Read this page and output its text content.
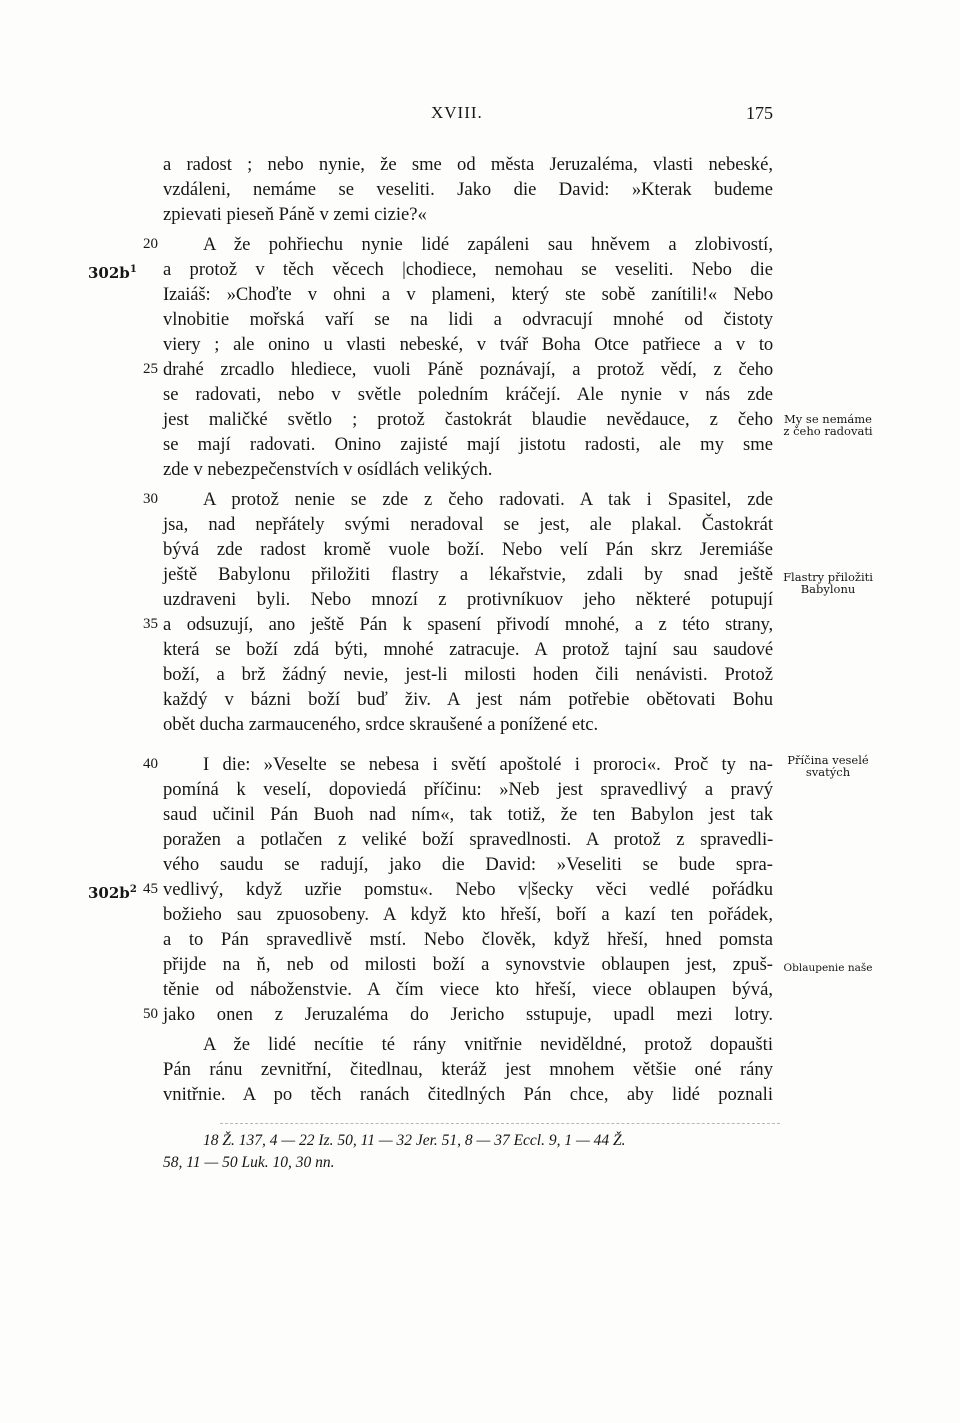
XVIII.	175
a radost ; nebo nynie, že sme od města Jeruzaléma, vlasti nebeské,
vzdáleni, nemáme se veseliti. Jako die David: »Kterak budeme
zpievati pieseň Páně v zemi cizie?«
A že pohřiechu nynie lidé zapáleni sau hněvem a zlobivostí,
a protož v těch věcech |chodiece, nemohau se veseliti. Nebo die
Izaiáš: »Choďte v ohni a v plameni, který ste sobě zanítili!« Nebo
vlnobitie mořská vaří se na lidi a odvracují mnohé od čistoty
viery ; ale onino u vlasti nebeské, v tvář Boha Otce patřiece a v to
drahé zrcadlo hlediece, vuoli Páně poznávají, a protož vědí, z čeho
se radovati, nebo v světle poledním kráčejí. Ale nynie v nás zde
jest maličké světlo ; protož častokrát blaudie nevědauce, z čeho
se mají radovati. Onino zajisté mají jistotu radosti, ale my sme
zde v nebezpečenstvích v osídlách velikých.
A protož nenie se zde z čeho radovati. A tak i Spasitel, zde
jsa, nad nepřátely svými neradoval se jest, ale plakal. Častokrát
bývá zde radost kromě vuole boží. Nebo velí Pán skrz Jeremiáše
ještě Babylonu přiložiti flastry a lékařstvie, zdali by snad ještě
uzdraveni byli. Nebo mnozí z protivníkuov jeho některé potupují
a odsuzují, ano ještě Pán k spasení přivodí mnohé, a z této strany,
která se boží zdá býti, mnohé zatracuje. A protož tajní sau saudové
boží, a brž žádný nevie, jest-li milosti hoden čili nenávisti. Protož
každý v bázni boží buď živ. A jest nám potřebie obětovati Bohu
obět ducha zarmauceného, srdce skraušené a ponížené etc.
I die: »Veselte se nebesa i světí apoštolé i proroci«. Proč ty na-
pomíná k veselí, dopoviedá příčinu: »Neb jest spravedlivý a pravý
saud učinil Pán Buoh nad ním«, tak totiž, že ten Babylon jest tak
poražen a potlačen z veliké boží spravedlnosti. A protož z spravedli-
vého saudu se radují, jako die David: »Veseliti se bude spra-
vedlivý, když uzřie pomstu«. Nebo v|šecky věci vedlé pořádku
božieho sau zpuosobeny. A když kto hřeší, boří a kazí ten pořádek,
a to Pán spravedlivě mstí. Nebo člověk, když hřeší, hned pomsta
přijde na ň, neb od milosti boží a synovstvie oblaupen jest, zpuš-
těnie od náboženstvie. A čím viece kto hřeší, viece oblaupen bývá,
jako onen z Jeruzaléma do Jericho sstupuje, upadl mezi lotry.
A že lidé necítie té rány vnitřnie neviděldné, protož dopaušti
Pán ránu zevnitřní, čitedlnau, kteráž jest mnohem většie oné rány
vnitřnie. A po těch ranách čitedlných Pán chce, aby lidé poznali
20
25
30
35
40
45
50
$302b^1$
$302b^2$
My se nemáme
z čeho radovati
Flastry přiložiti
Babylonu
Příčina veselé
svatých
Oblaupenie naše
18 Ž. 137, 4 — 22 Iz. 50, 11 — 32 Jer. 51, 8 — 37 Eccl. 9, 1 — 44 Ž.
58, 11 — 50 Luk. 10, 30 nn.
